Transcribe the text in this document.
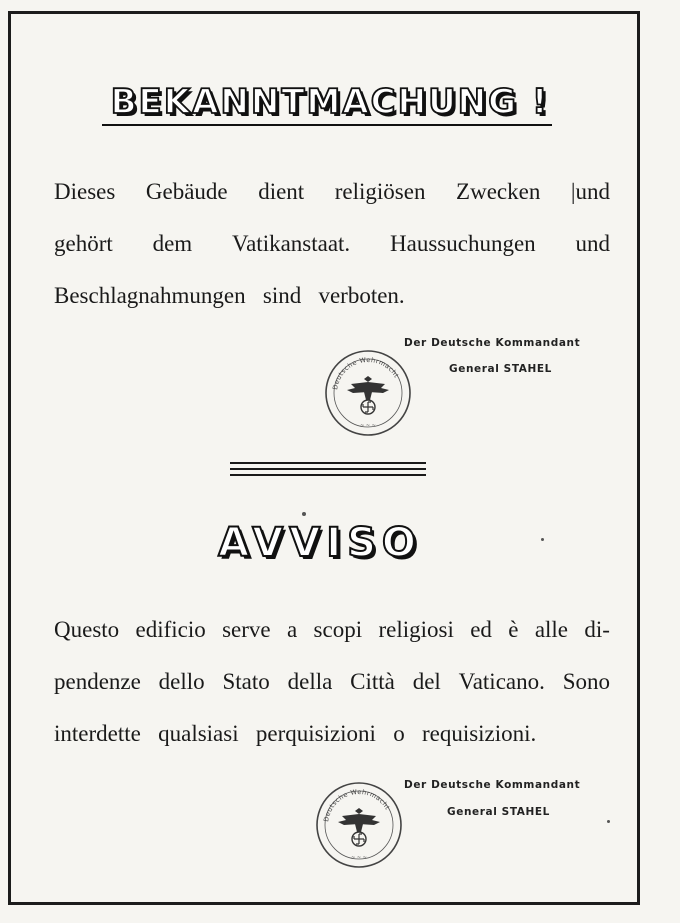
BEKANNTMACHUNG !
Dieses Gebäude dient religiösen Zwecken |und
gehört dem Vatikanstaat. Haussuchungen und
Beschlagnahmungen sind verboten.
Der Deutsche Kommandant
General STAHEL
Deutsche Wehrmacht
~ ~ ~
AVVISO
Questo edificio serve a scopi religiosi ed è alle di-
pendenze dello Stato della Città del Vaticano. Sono
interdette qualsiasi perquisizioni o requisizioni.
Der Deutsche Kommandant
General STAHEL
Deutsche Wehrmacht
~ ~ ~
